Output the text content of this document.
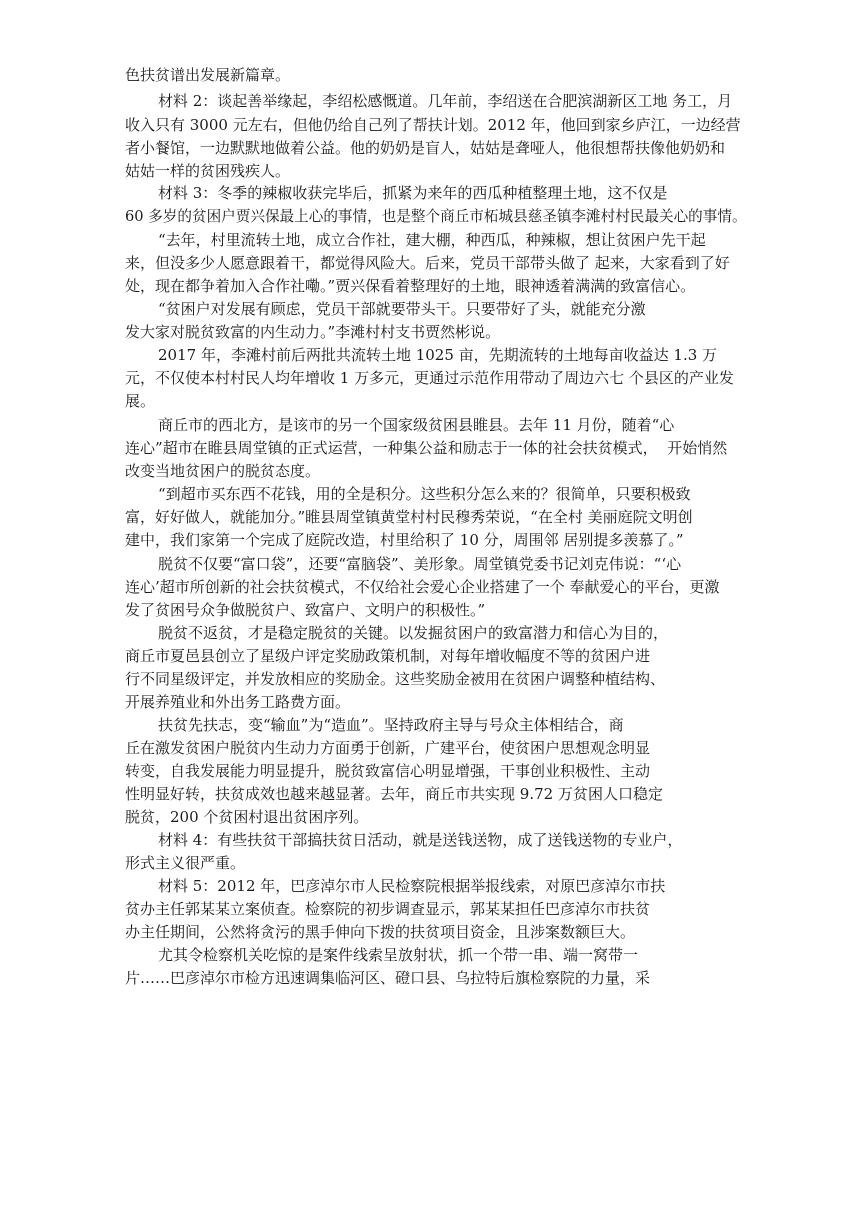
色扶贫谱出发展新篇章。
材料 2：谈起善举缘起，李绍松感慨道。几年前，李绍送在合肥滨湖新区工地 务工，月
收入只有 3000 元左右，但他仍给自己列了帮扶计划。2012 年，他回到家乡庐江，一边经营
者小餐馆，一边默默地做着公益。他的奶奶是盲人，姑姑是聋哑人，他很想帮扶像他奶奶和
姑姑一样的贫困残疾人。
材料 3：冬季的辣椒收获完毕后，抓紧为来年的西瓜种植整理土地，这不仅是
60 多岁的贫困户贾兴保最上心的事情，也是整个商丘市柘城县慈圣镇李滩村村民最关心的事情。
“去年，村里流转土地，成立合作社，建大棚，种西瓜，种辣椒，想让贫困户先干起
来，但没多少人愿意跟着干，都觉得风险大。后来，党员干部带头做了 起来，大家看到了好
处，现在都争着加入合作社嘞。”贾兴保看着整理好的土地，眼神透着满满的致富信心。
“贫困户对发展有顾虑，党员干部就要带头干。只要带好了头，就能充分激
发大家对脱贫致富的内生动力。”李滩村村支书贾然彬说。
2017 年，李滩村前后两批共流转土地 1025 亩，先期流转的土地每亩收益达 1.3 万
元，不仅使本村村民人均年增收 1 万多元，更通过示范作用带动了周边六七 个县区的产业发
展。
商丘市的西北方，是该市的另一个国家级贫困县睢县。去年 11 月份，随着“心
连心”超市在睢县周堂镇的正式运营，一种集公益和励志于一体的社会扶贫模式，  开始悄然
改变当地贫困户的脱贫态度。
“到超市买东西不花钱，用的全是积分。这些积分怎么来的？很简单，只要积极致
富，好好做人，就能加分。”睢县周堂镇黄堂村村民穆秀荣说，“在全村 美丽庭院文明创
建中，我们家第一个完成了庭院改造，村里给积了 10 分，周围邻 居别提多羡慕了。”
脱贫不仅要“富口袋”，还要“富脑袋”、美形象。周堂镇党委书记刘克伟说：“‘心
连心’超市所创新的社会扶贫模式，不仅给社会爱心企业搭建了一个 奉献爱心的平台，更激
发了贫困号众争做脱贫户、致富户、文明户的积极性。”
脱贫不返贫，才是稳定脱贫的关键。以发掘贫困户的致富潜力和信心为目的，
商丘市夏邑县创立了星级户评定奖励政策机制，对每年增收幅度不等的贫困户进
行不同星级评定，并发放相应的奖励金。这些奖励金被用在贫困户调整种植结构、
开展养殖业和外出务工路费方面。
扶贫先扶志，变“输血”为“造血”。坚持政府主导与号众主体相结合，商
丘在激发贫困户脱贫内生动力方面勇于创新，广建平台，使贫困户思想观念明显
转变，自我发展能力明显提升，脱贫致富信心明显增强，干事创业积极性、主动
性明显好转，扶贫成效也越来越显著。去年，商丘市共实现 9.72 万贫困人口稳定
脱贫，200 个贫困村退出贫困序列。
材料 4：有些扶贫干部搞扶贫日活动，就是送钱送物，成了送钱送物的专业户，
形式主义很严重。
材料 5：2012 年，巴彦淖尔市人民检察院根据举报线索，对原巴彦淖尔市扶
贫办主任郭某某立案侦查。检察院的初步调查显示，郭某某担任巴彦淖尔市扶贫
办主任期间，公然将贪污的黑手伸向下拨的扶贫项目资金，且涉案数额巨大。
尤其令检察机关吃惊的是案件线索呈放射状，抓一个带一串、端一窝带一
片……巴彦淖尔市检方迅速调集临河区、磴口县、乌拉特后旗检察院的力量，采
